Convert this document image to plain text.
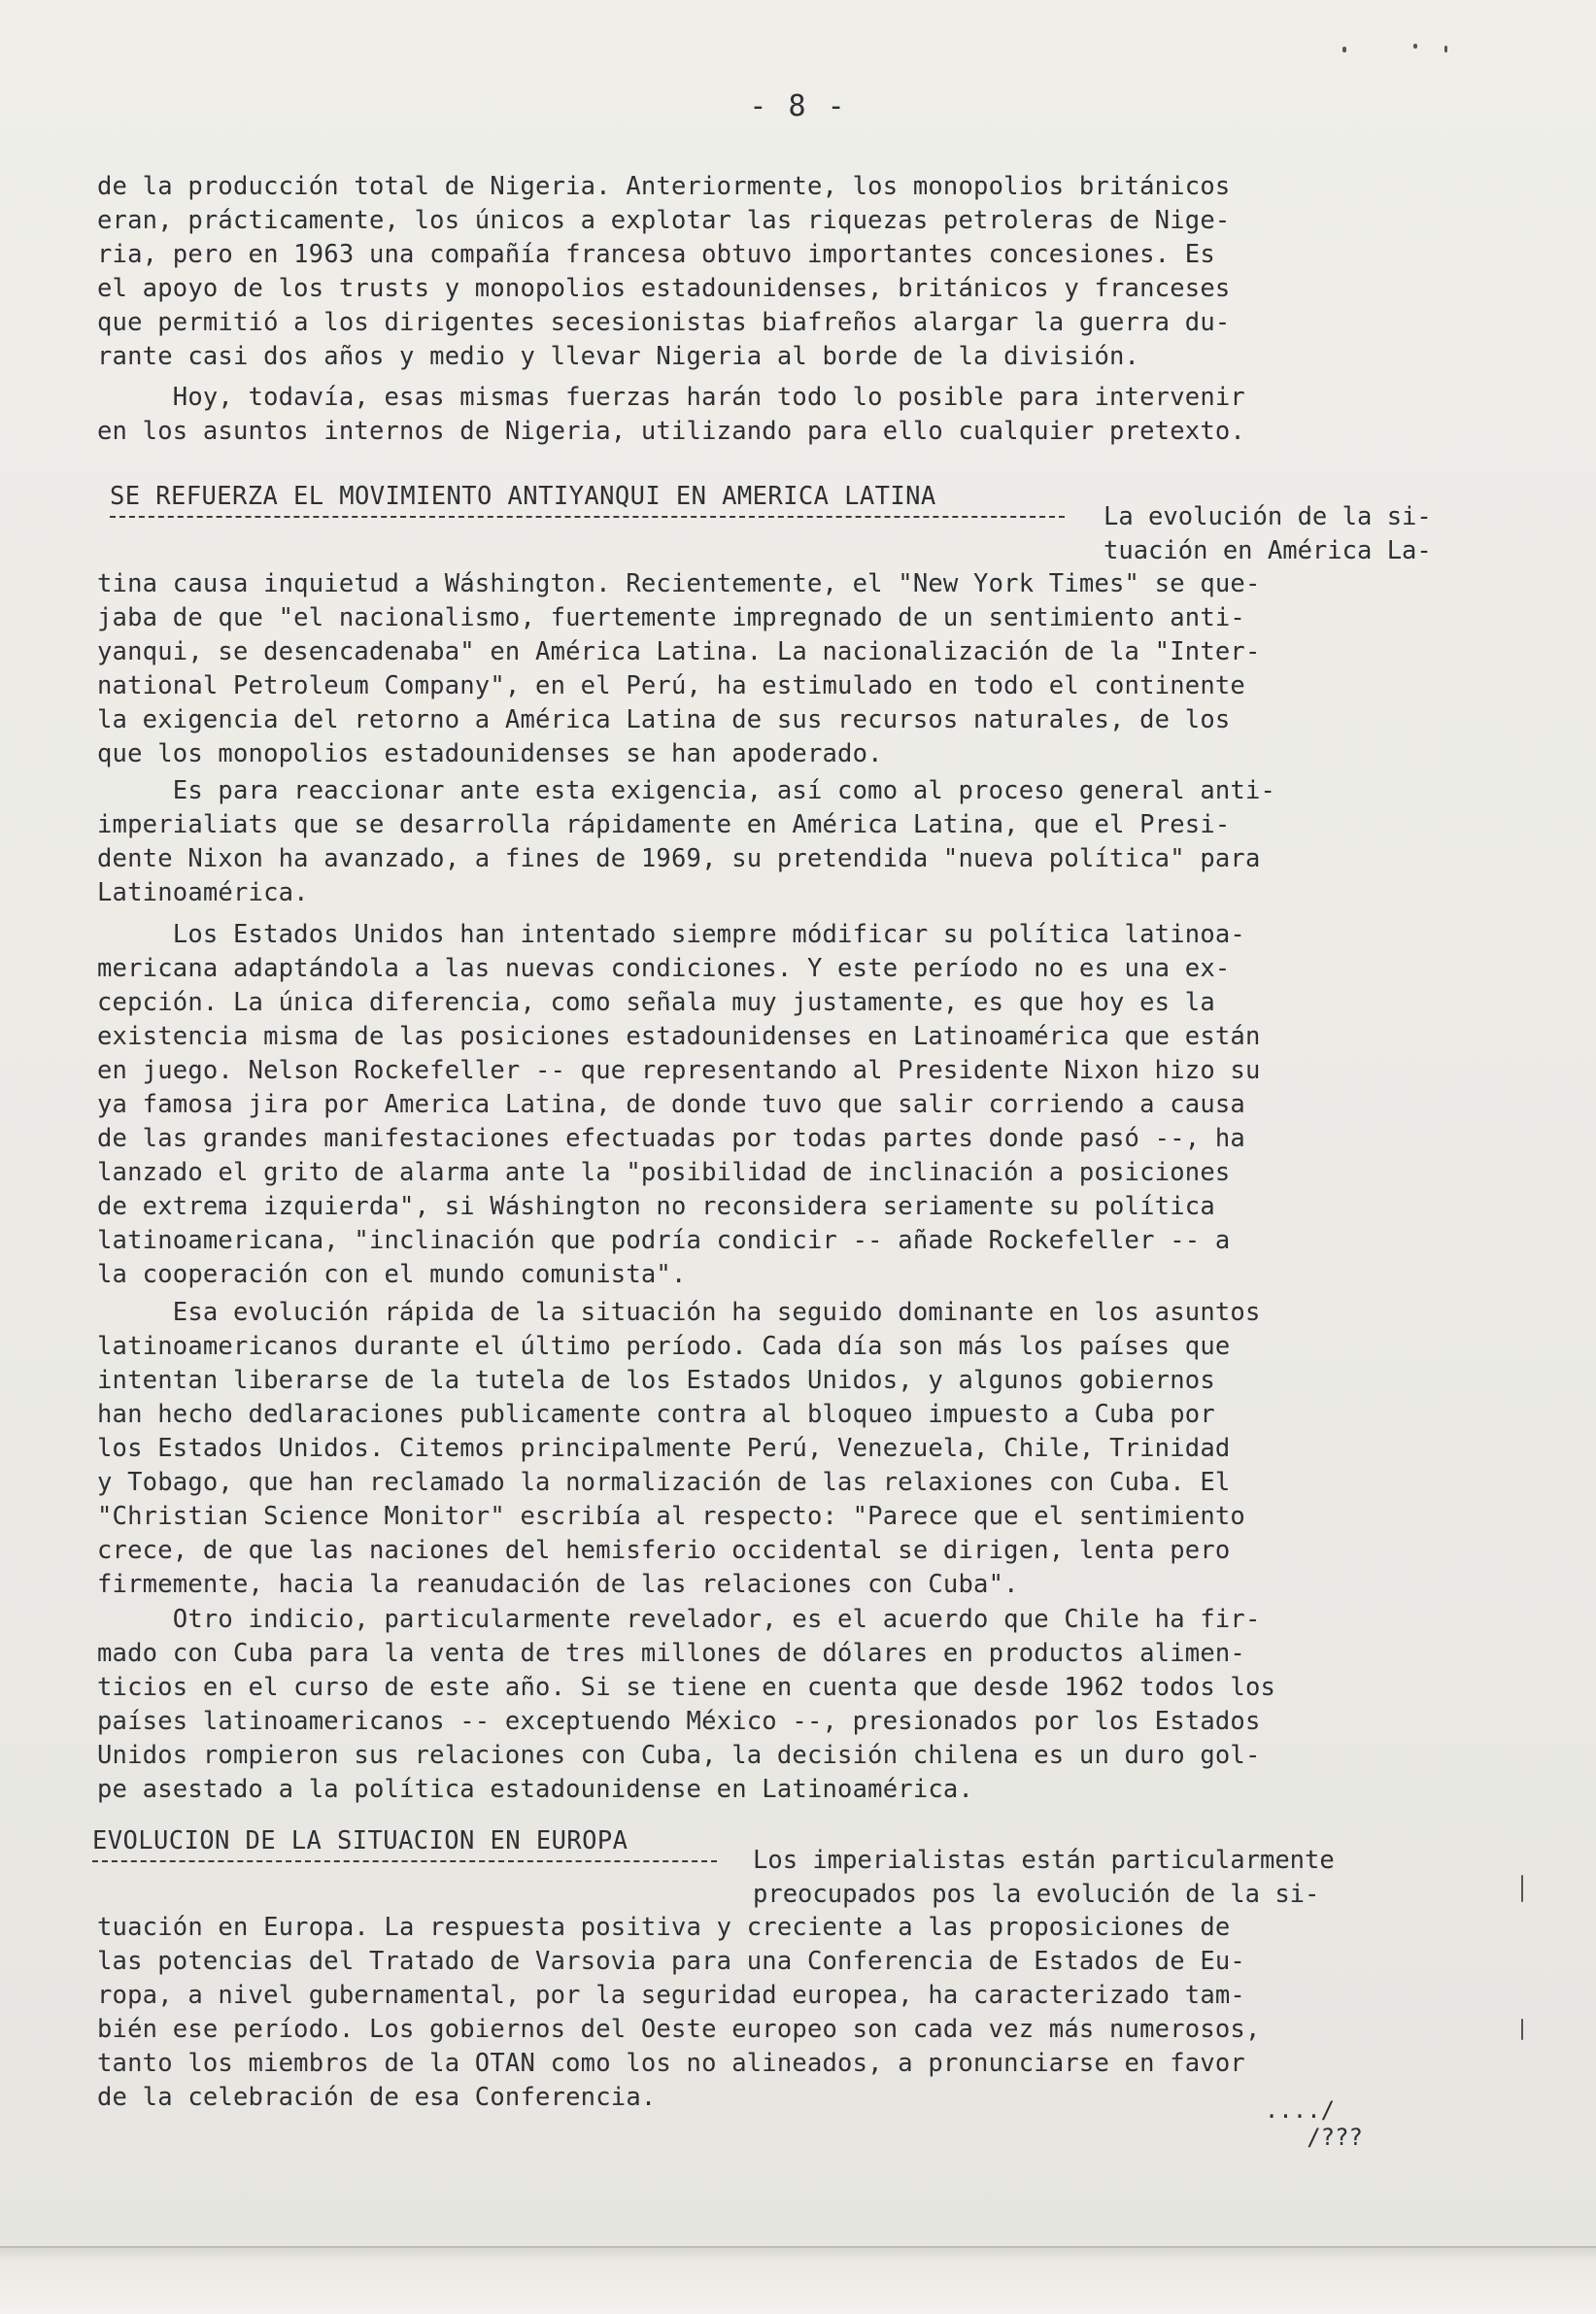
- 8 -
de la producción total de Nigeria. Anteriormente, los monopolios británicos
eran, prácticamente, los únicos a explotar las riquezas petroleras de Nige-
ria, pero en 1963 una compañía francesa obtuvo importantes concesiones. Es
el apoyo de los trusts y monopolios estadounidenses, británicos y franceses
que permitió a los dirigentes secesionistas biafreños alargar la guerra du-
rante casi dos años y medio y llevar Nigeria al borde de la división.
Hoy, todavía, esas mismas fuerzas harán todo lo posible para intervenir
en los asuntos internos de Nigeria, utilizando para ello cualquier pretexto.
SE REFUERZA EL MOVIMIENTO ANTIYANQUI EN AMERICA LATINA
La evolución de la si-
tuación en América La-
tina causa inquietud a Wáshington. Recientemente, el "New York Times" se que-
jaba de que "el nacionalismo, fuertemente impregnado de un sentimiento anti-
yanqui, se desencadenaba" en América Latina. La nacionalización de la "Inter-
national Petroleum Company", en el Perú, ha estimulado en todo el continente
la exigencia del retorno a América Latina de sus recursos naturales, de los
que los monopolios estadounidenses se han apoderado.
Es para reaccionar ante esta exigencia, así como al proceso general anti-
imperialiats que se desarrolla rápidamente en América Latina, que el Presi-
dente Nixon ha avanzado, a fines de 1969, su pretendida "nueva política" para
Latinoamérica.
Los Estados Unidos han intentado siempre módificar su política latinoa-
mericana adaptándola a las nuevas condiciones. Y este período no es una ex-
cepción. La única diferencia, como señala muy justamente, es que hoy es la
existencia misma de las posiciones estadounidenses en Latinoamérica que están
en juego. Nelson Rockefeller -- que representando al Presidente Nixon hizo su
ya famosa jira por America Latina, de donde tuvo que salir corriendo a causa
de las grandes manifestaciones efectuadas por todas partes donde pasó --, ha
lanzado el grito de alarma ante la "posibilidad de inclinación a posiciones
de extrema izquierda", si Wáshington no reconsidera seriamente su política
latinoamericana, "inclinación que podría condicir -- añade Rockefeller -- a
la cooperación con el mundo comunista".
Esa evolución rápida de la situación ha seguido dominante en los asuntos
latinoamericanos durante el último período. Cada día son más los países que
intentan liberarse de la tutela de los Estados Unidos, y algunos gobiernos
han hecho dedlaraciones publicamente contra al bloqueo impuesto a Cuba por
los Estados Unidos. Citemos principalmente Perú, Venezuela, Chile, Trinidad
y Tobago, que han reclamado la normalización de las relaxiones con Cuba. El
"Christian Science Monitor" escribía al respecto: "Parece que el sentimiento
crece, de que las naciones del hemisferio occidental se dirigen, lenta pero
firmemente, hacia la reanudación de las relaciones con Cuba".
Otro indicio, particularmente revelador, es el acuerdo que Chile ha fir-
mado con Cuba para la venta de tres millones de dólares en productos alimen-
ticios en el curso de este año. Si se tiene en cuenta que desde 1962 todos los
países latinoamericanos -- exceptuendo México --, presionados por los Estados
Unidos rompieron sus relaciones con Cuba, la decisión chilena es un duro gol-
pe asestado a la política estadounidense en Latinoamérica.
EVOLUCION DE LA SITUACION EN EUROPA
Los imperialistas están particularmente
preocupados pos la evolución de la si-
tuación en Europa. La respuesta positiva y creciente a las proposiciones de
las potencias del Tratado de Varsovia para una Conferencia de Estados de Eu-
ropa, a nivel gubernamental, por la seguridad europea, ha caracterizado tam-
bién ese período. Los gobiernos del Oeste europeo son cada vez más numerosos,
tanto los miembros de la OTAN como los no alineados, a pronunciarse en favor
de la celebración de esa Conferencia.	..../
/???
